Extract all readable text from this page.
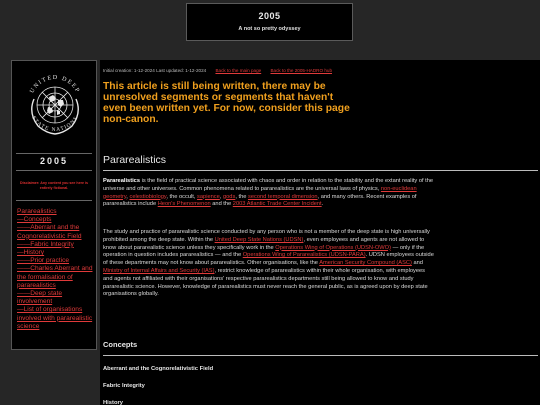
2005
A not so pretty odyssey
UNITED DEEP
STATE NATIONS
2005
Disclaimer: Any content you see here is entirely fictional.
Pararealistics
—Concepts
——Aberrant and the Cognorelativistic Field
——Fabric Integrity
—History
——Prior practice
——Charles Aberrant and the formalisation of pararealistics
——Deep state involvement
—List of organisations involved with pararealistic science
Initial creation: 1-12-2024 Last updated: 1-12-2024 Back to the main page Back to the 2005-HADRO hub
This article is still being written, there may be unresolved segments or segments that haven't even been written yet. For now, consider this page non-canon.
Pararealistics

Pararealistics is the field of practical science associated with chaos and order in relation to the stability and the extant reality of the universe and other universes. Common phenomena related to pararealistics are the universal laws of physics, non-euclidean geometry, celestiobiology, the occult, sapience, gods, the second temporal dimension, and many others. Recent examples of pararealistics include Heon's Phenomenon and the 2003 Atlantic Trade Center Incident.

The study and practice of pararealistic science conducted by any person who is not a member of the deep state is high universally prohibited among the deep state. Within the United Deep State Nations (UDSN), even employees and agents are not allowed to know about pararealistic science unless they specifically work in the Operations Wing of Operations (UDSN-OWO) — only if the operation in question includes pararealistics — and the Operations Wing of Pararealistics (UDSN-PARA). UDSN employees outside of these departments may not know about pararealistics. Other organisations, like the American Security Compound (ASC) and Ministry of Internal Affairs and Security (IAS), restrict knowledge of pararealistics within their whole organisation, with employees and agents not affiliated with their organisations' respective pararealistics departments still being allowed to know and study pararealistic science. However, knowledge of pararealistics must never reach the general public, as is agreed upon by deep state organisations globally.

Concepts
Aberrant and the Cognorelativistic Field
Fabric Integrity
History
